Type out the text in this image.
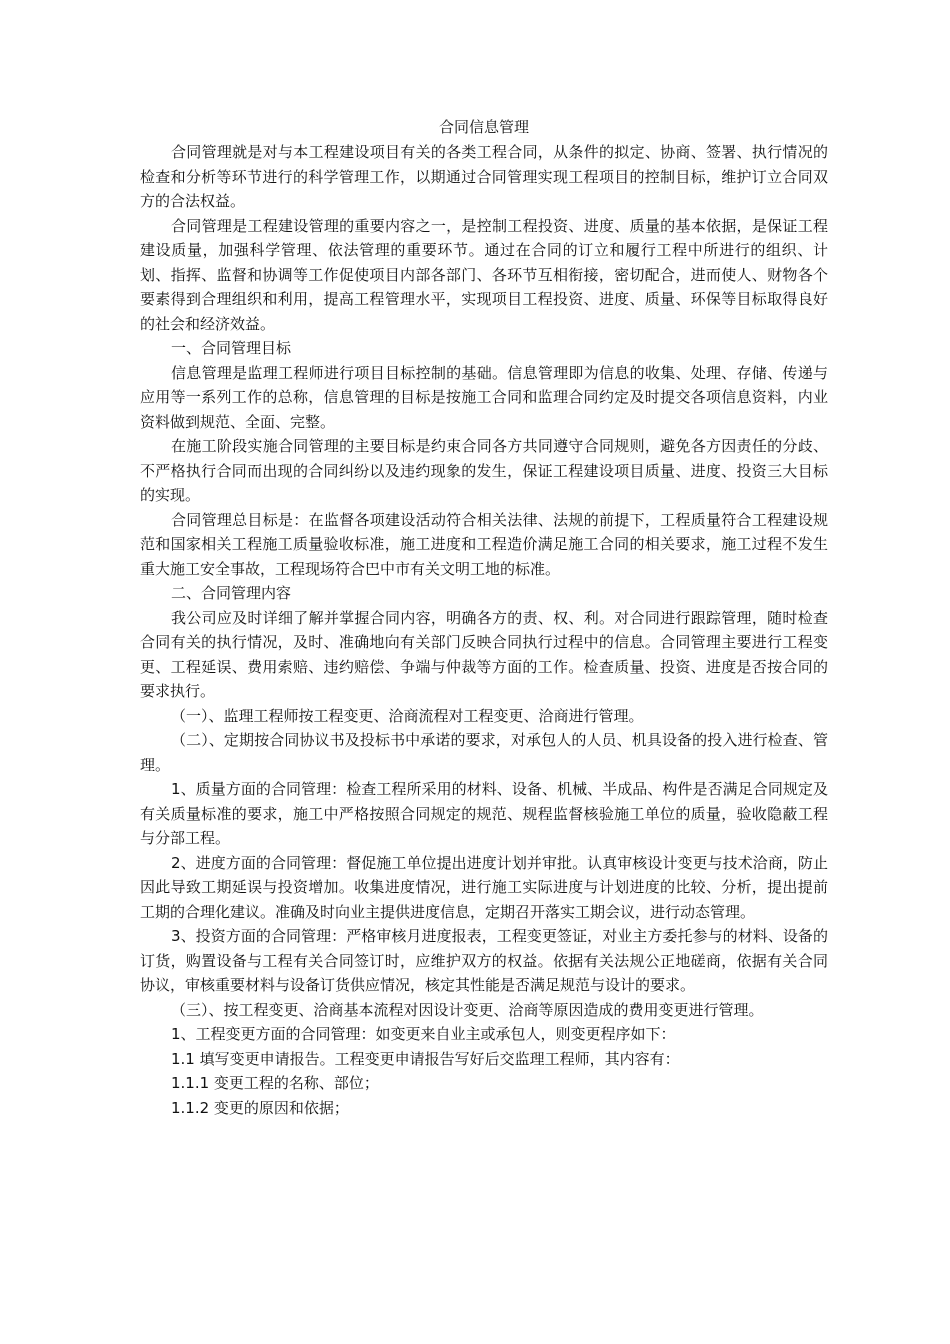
合同信息管理

合同管理就是对与本工程建设项目有关的各类工程合同，从条件的拟定、协商、签署、执行情况的检查和分析等环节进行的科学管理工作，以期通过合同管理实现工程项目的控制目标，维护订立合同双方的合法权益。

合同管理是工程建设管理的重要内容之一，是控制工程投资、进度、质量的基本依据，是保证工程建设质量，加强科学管理、依法管理的重要环节。通过在合同的订立和履行工程中所进行的组织、计划、指挥、监督和协调等工作促使项目内部各部门、各环节互相衔接，密切配合，进而使人、财物各个要素得到合理组织和利用，提高工程管理水平，实现项目工程投资、进度、质量、环保等目标取得良好的社会和经济效益。

一、合同管理目标

信息管理是监理工程师进行项目目标控制的基础。信息管理即为信息的收集、处理、存储、传递与应用等一系列工作的总称，信息管理的目标是按施工合同和监理合同约定及时提交各项信息资料，内业资料做到规范、全面、完整。

在施工阶段实施合同管理的主要目标是约束合同各方共同遵守合同规则，避免各方因责任的分歧、不严格执行合同而出现的合同纠纷以及违约现象的发生，保证工程建设项目质量、进度、投资三大目标的实现。

合同管理总目标是：在监督各项建设活动符合相关法律、法规的前提下，工程质量符合工程建设规范和国家相关工程施工质量验收标准，施工进度和工程造价满足施工合同的相关要求，施工过程不发生重大施工安全事故，工程现场符合巴中市有关文明工地的标准。

二、合同管理内容

我公司应及时详细了解并掌握合同内容，明确各方的责、权、利。对合同进行跟踪管理，随时检查合同有关的执行情况，及时、准确地向有关部门反映合同执行过程中的信息。合同管理主要进行工程变更、工程延误、费用索赔、违约赔偿、争端与仲裁等方面的工作。检查质量、投资、进度是否按合同的要求执行。

（一）、监理工程师按工程变更、洽商流程对工程变更、洽商进行管理。

（二）、定期按合同协议书及投标书中承诺的要求，对承包人的人员、机具设备的投入进行检查、管理。

1、质量方面的合同管理：检查工程所采用的材料、设备、机械、半成品、构件是否满足合同规定及有关质量标准的要求，施工中严格按照合同规定的规范、规程监督核验施工单位的质量，验收隐蔽工程与分部工程。

2、进度方面的合同管理：督促施工单位提出进度计划并审批。认真审核设计变更与技术洽商，防止因此导致工期延误与投资增加。收集进度情况，进行施工实际进度与计划进度的比较、分析，提出提前工期的合理化建议。准确及时向业主提供进度信息，定期召开落实工期会议，进行动态管理。

3、投资方面的合同管理：严格审核月进度报表，工程变更签证，对业主方委托参与的材料、设备的订货，购置设备与工程有关合同签订时，应维护双方的权益。依据有关法规公正地磋商，依据有关合同协议，审核重要材料与设备订货供应情况，核定其性能是否满足规范与设计的要求。

（三）、按工程变更、洽商基本流程对因设计变更、洽商等原因造成的费用变更进行管理。

1、工程变更方面的合同管理：如变更来自业主或承包人，则变更程序如下：

1.1 填写变更申请报告。工程变更申请报告写好后交监理工程师，其内容有：

1.1.1 变更工程的名称、部位；

1.1.2 变更的原因和依据；
